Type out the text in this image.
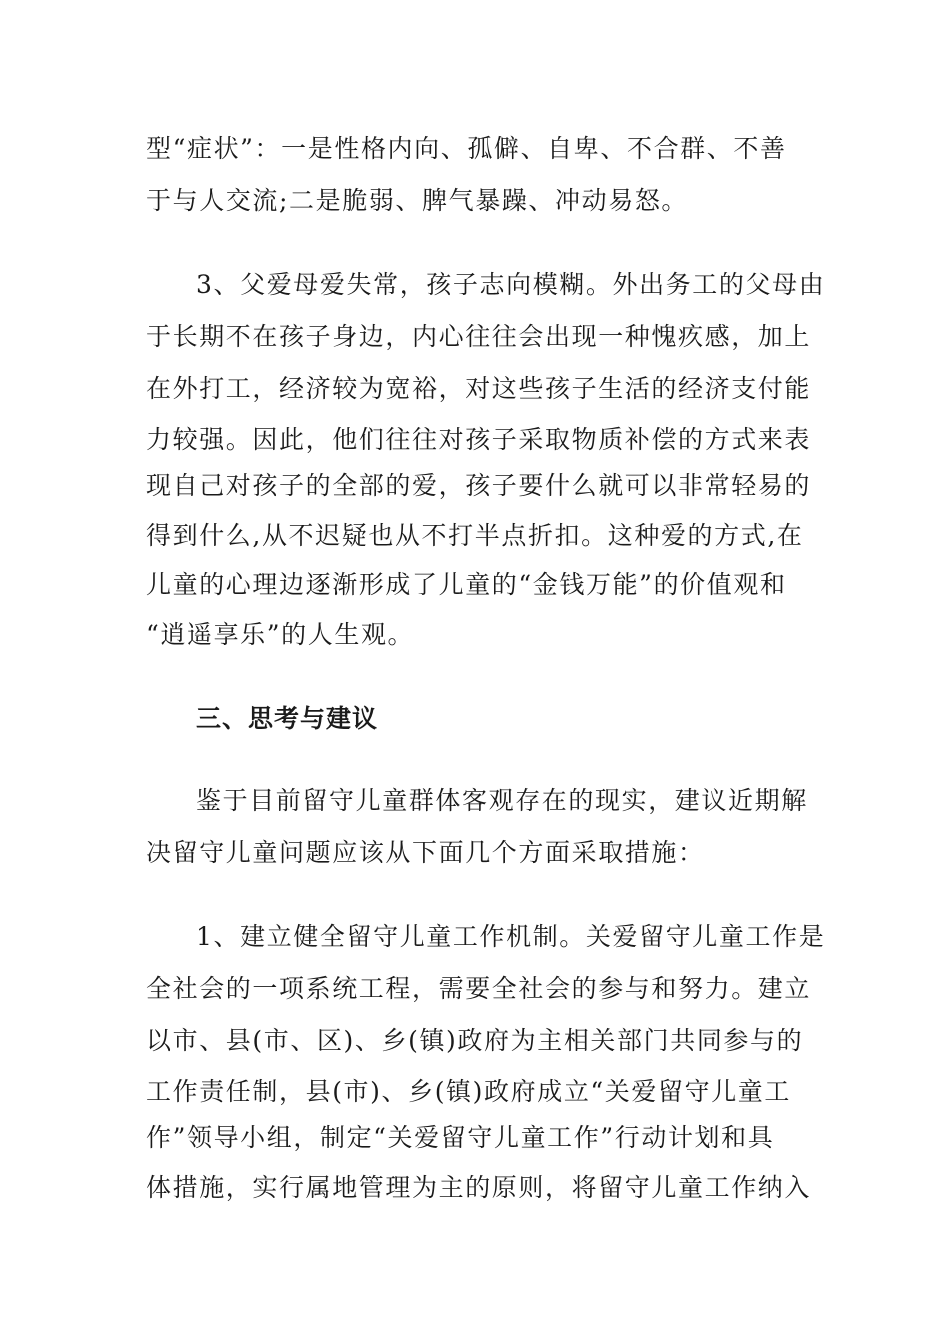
型“症状”：一是性格内向、孤僻、自卑、不合群、不善
于与人交流;二是脆弱、脾气暴躁、冲动易怒。
3、父爱母爱失常，孩子志向模糊。外出务工的父母由
于长期不在孩子身边，内心往往会出现一种愧疚感，加上
在外打工，经济较为宽裕，对这些孩子生活的经济支付能
力较强。因此，他们往往对孩子采取物质补偿的方式来表
现自己对孩子的全部的爱，孩子要什么就可以非常轻易的
得到什么,从不迟疑也从不打半点折扣。这种爱的方式,在
儿童的心理边逐渐形成了儿童的“金钱万能”的价值观和
“逍遥享乐”的人生观。
三、思考与建议
鉴于目前留守儿童群体客观存在的现实，建议近期解
决留守儿童问题应该从下面几个方面采取措施：
1、建立健全留守儿童工作机制。关爱留守儿童工作是
全社会的一项系统工程，需要全社会的参与和努力。建立
以市、县(市、区)、乡(镇)政府为主相关部门共同参与的
工作责任制，县(市)、乡(镇)政府成立“关爱留守儿童工
作”领导小组，制定“关爱留守儿童工作”行动计划和具
体措施，实行属地管理为主的原则，将留守儿童工作纳入
